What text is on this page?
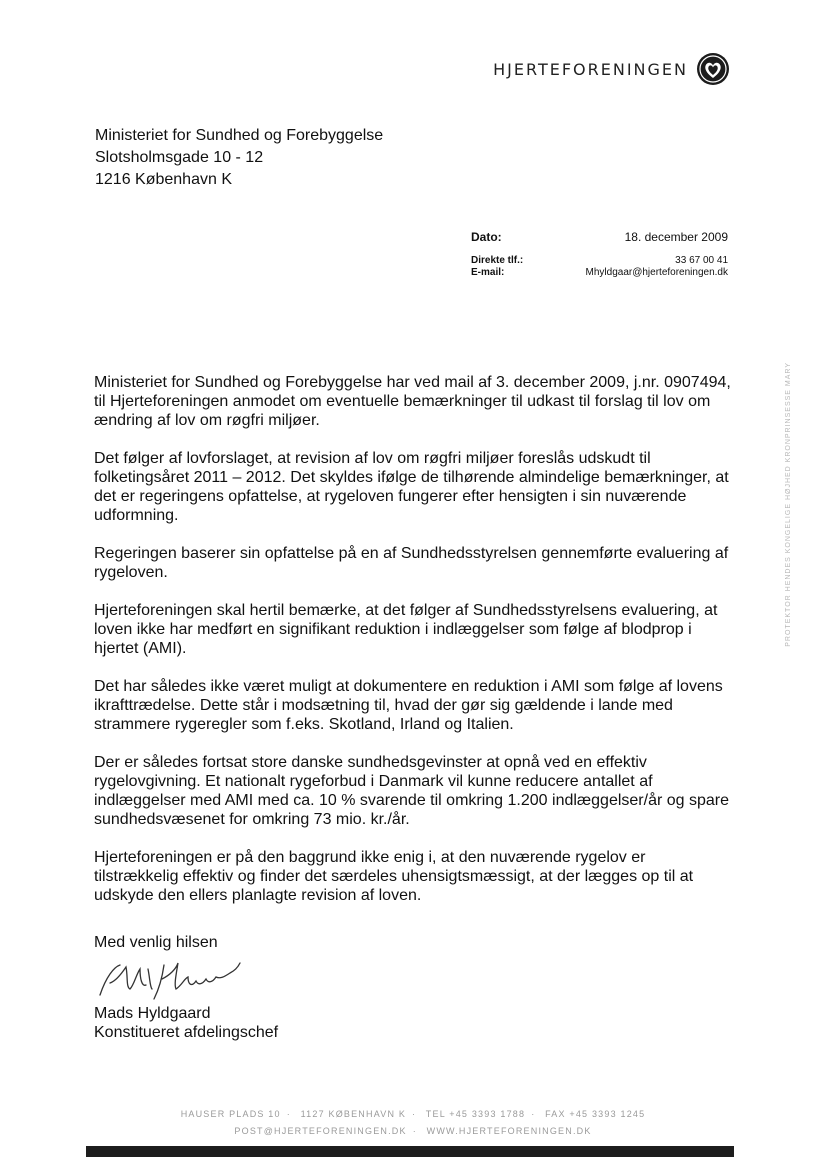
HJERTEFORENINGEN
Ministeriet for Sundhed og Forebyggelse
Slotsholmsgade 10 - 12
1216 København K
Dato:	18. december 2009
Direkte tlf.:	33 67 00 41
E-mail:	Mhyldgaar@hjerteforeningen.dk
PROTEKTOR HENDES KONGELIGE HØJHED KRONPRINSESSE MARY

Ministeriet for Sundhed og Forebyggelse har ved mail af 3. december 2009, j.nr. 0907494, til Hjerteforeningen anmodet om eventuelle bemærkninger til udkast til forslag til lov om ændring af lov om røgfri miljøer.

Det følger af lovforslaget, at revision af lov om røgfri miljøer foreslås udskudt til folketingsåret 2011 – 2012. Det skyldes ifølge de tilhørende almindelige bemærkninger, at det er regeringens opfattelse, at rygeloven fungerer efter hensigten i sin nuværende udformning.

Regeringen baserer sin opfattelse på en af Sundhedsstyrelsen gennemførte evaluering af rygeloven.

Hjerteforeningen skal hertil bemærke, at det følger af Sundhedsstyrelsens evaluering, at loven ikke har medført en signifikant reduktion i indlæggelser som følge af blodprop i hjertet (AMI).

Det har således ikke været muligt at dokumentere en reduktion i AMI som følge af lovens ikrafttrædelse. Dette står i modsætning til, hvad der gør sig gældende i lande med strammere rygeregler som f.eks. Skotland, Irland og Italien.

Der er således fortsat store danske sundhedsgevinster at opnå ved en effektiv rygelovgivning. Et nationalt rygeforbud i Danmark vil kunne reducere antallet af indlæggelser med AMI med ca. 10 % svarende til omkring 1.200 indlæggelser/år og spare sundhedsvæsenet for omkring 73 mio. kr./år.

Hjerteforeningen er på den baggrund ikke enig i, at den nuværende rygelov er tilstrækkelig effektiv og finder det særdeles uhensigtsmæssigt, at der lægges op til at udskyde den ellers planlagte revision af loven.

Med venlig hilsen
Mads Hyldgaard
Konstitueret afdelingschef
HAUSER PLADS 10 · 1127 KØBENHAVN K · TEL +45 3393 1788 · FAX +45 3393 1245
POST@HJERTEFORENINGEN.DK · WWW.HJERTEFORENINGEN.DK
